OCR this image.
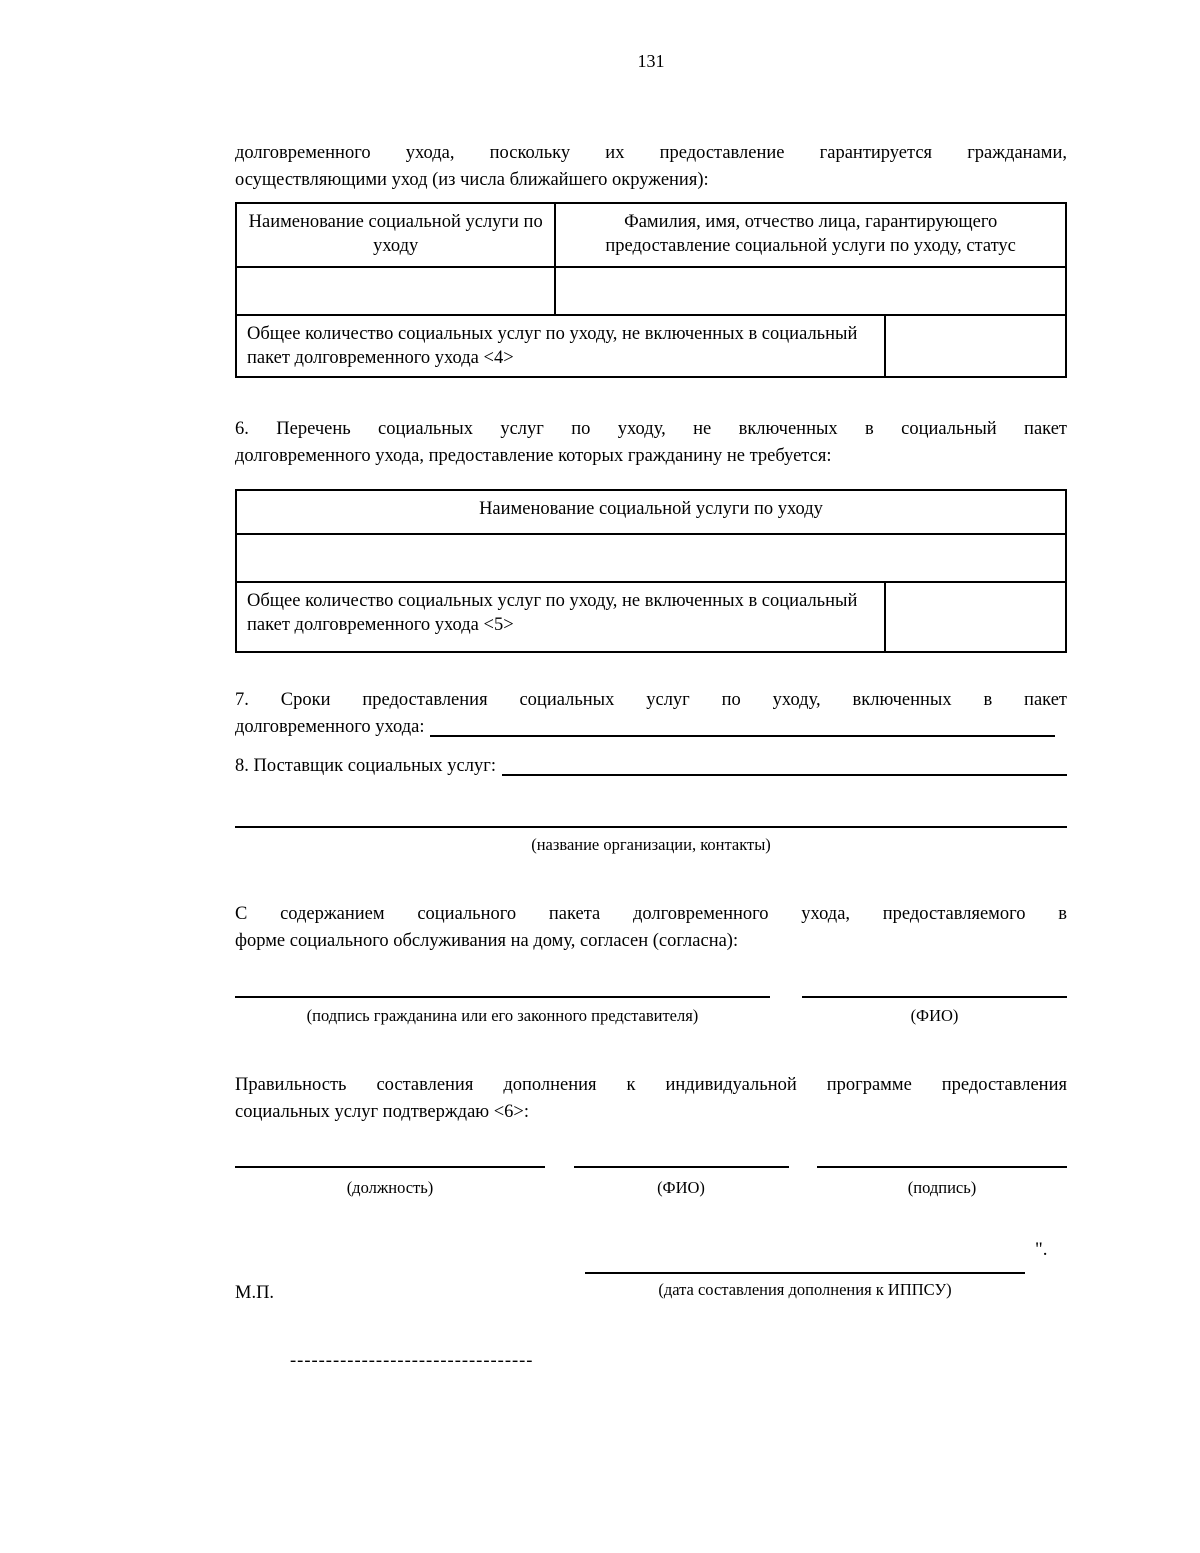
131
долговременного ухода, поскольку их предоставление гарантируется гражданами,
осуществляющими уход (из числа ближайшего окружения):
Наименование социальной услуги по уходу	Фамилия, имя, отчество лица, гарантирующего предоставление социальной услуги по уходу, статус	

Общее количество социальных услуг по уходу, не включенных в социальный пакет долговременного ухода <4>		
6. Перечень социальных услуг по уходу, не включенных в социальный пакет
долговременного ухода, предоставление которых гражданину не требуется:
Наименование социальной услуги по уходу

Общее количество социальных услуг по уходу, не включенных в социальный пакет долговременного ухода <5>	
7. Сроки предоставления социальных услуг по уходу, включенных в пакет
долговременного ухода:
8. Поставщик социальных услуг:
(название организации, контакты)
С содержанием социального пакета долговременного ухода, предоставляемого в
форме социального обслуживания на дому, согласен (согласна):
(подпись гражданина или его законного представителя)	(ФИО)
Правильность составления дополнения к индивидуальной программе предоставления
социальных услуг подтверждаю <6>:
(должность)	(ФИО)	(подпись)
".
М.П.	(дата составления дополнения к ИППСУ)
----------------------------------
